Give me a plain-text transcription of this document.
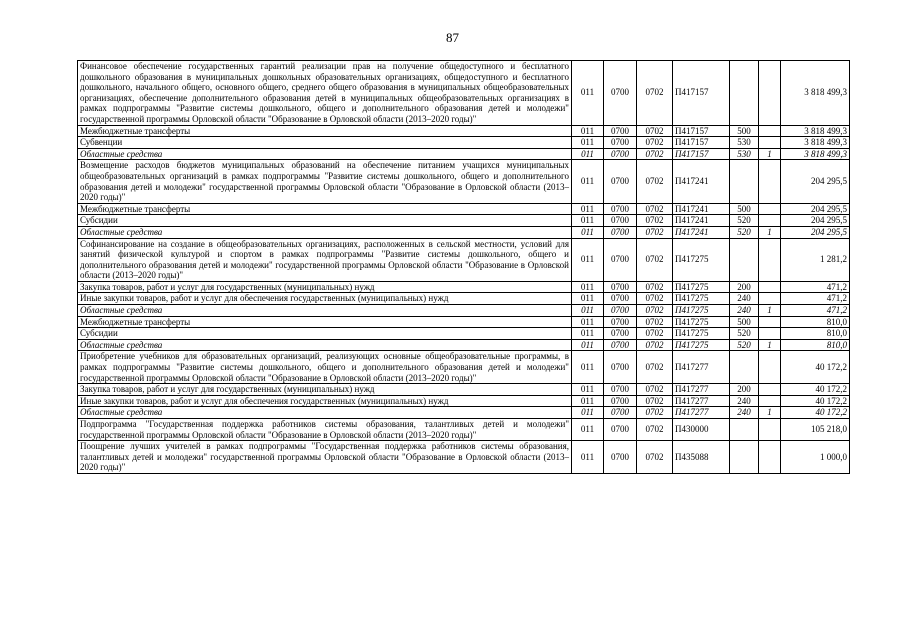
87
Финансовое обеспечение государственных гарантий реализации прав на получение общедоступного и бесплатного дошкольного образования в муниципальных дошкольных образовательных организациях, общедоступного и бесплатного дошкольного, начального общего, основного общего, среднего общего образования в муниципальных общеобразовательных организациях, обеспечение дополнительного образования детей в муниципальных общеобразовательных организациях в рамках подпрограммы "Развитие системы дошкольного, общего и дополнительного образования детей и молодежи" государственной программы Орловской области "Образование в Орловской области (2013–2020 годы)"	011	0700	0702	П417157			3 818 499,3
Межбюджетные трансферты	011	0700	0702	П417157	500		3 818 499,3
Субвенции	011	0700	0702	П417157	530		3 818 499,3
Областные средства	011	0700	0702	П417157	530	1	3 818 499,3
Возмещение расходов бюджетов муниципальных образований на обеспечение питанием учащихся муниципальных общеобразовательных организаций в рамках подпрограммы "Развитие системы дошкольного, общего и дополнительного образования детей и молодежи" государственной программы Орловской области "Образование в Орловской области (2013–2020 годы)"	011	0700	0702	П417241			204 295,5
Межбюджетные трансферты	011	0700	0702	П417241	500		204 295,5
Субсидии	011	0700	0702	П417241	520		204 295,5
Областные средства	011	0700	0702	П417241	520	1	204 295,5
Софинансирование на создание в общеобразовательных организациях, расположенных в сельской местности, условий для занятий физической культурой и спортом в рамках подпрограммы "Развитие системы дошкольного, общего и дополнительного образования детей и молодежи" государственной программы Орловской области "Образование в Орловской области (2013–2020 годы)"	011	0700	0702	П417275			1 281,2
Закупка товаров, работ и услуг для государственных (муниципальных) нужд	011	0700	0702	П417275	200		471,2
Иные закупки товаров, работ и услуг для обеспечения государственных (муниципальных) нужд	011	0700	0702	П417275	240		471,2
Областные средства	011	0700	0702	П417275	240	1	471,2
Межбюджетные трансферты	011	0700	0702	П417275	500		810,0
Субсидии	011	0700	0702	П417275	520		810,0
Областные средства	011	0700	0702	П417275	520	1	810,0
Приобретение учебников для образовательных организаций, реализующих основные общеобразовательные программы, в рамках подпрограммы "Развитие системы дошкольного, общего и дополнительного образования детей и молодежи" государственной программы Орловской области "Образование в Орловской области (2013–2020 годы)"	011	0700	0702	П417277			40 172,2
Закупка товаров, работ и услуг для государственных (муниципальных) нужд	011	0700	0702	П417277	200		40 172,2
Иные закупки товаров, работ и услуг для обеспечения государственных (муниципальных) нужд	011	0700	0702	П417277	240		40 172,2
Областные средства	011	0700	0702	П417277	240	1	40 172,2
Подпрограмма "Государственная поддержка работников системы образования, талантливых детей и молодежи" государственной программы Орловской области "Образование в Орловской области (2013–2020 годы)"	011	0700	0702	П430000			105 218,0
Поощрение лучших учителей в рамках подпрограммы "Государственная поддержка работников системы образования, талантливых детей и молодежи" государственной программы Орловской области "Образование в Орловской области (2013–2020 годы)"	011	0700	0702	П435088			1 000,0
